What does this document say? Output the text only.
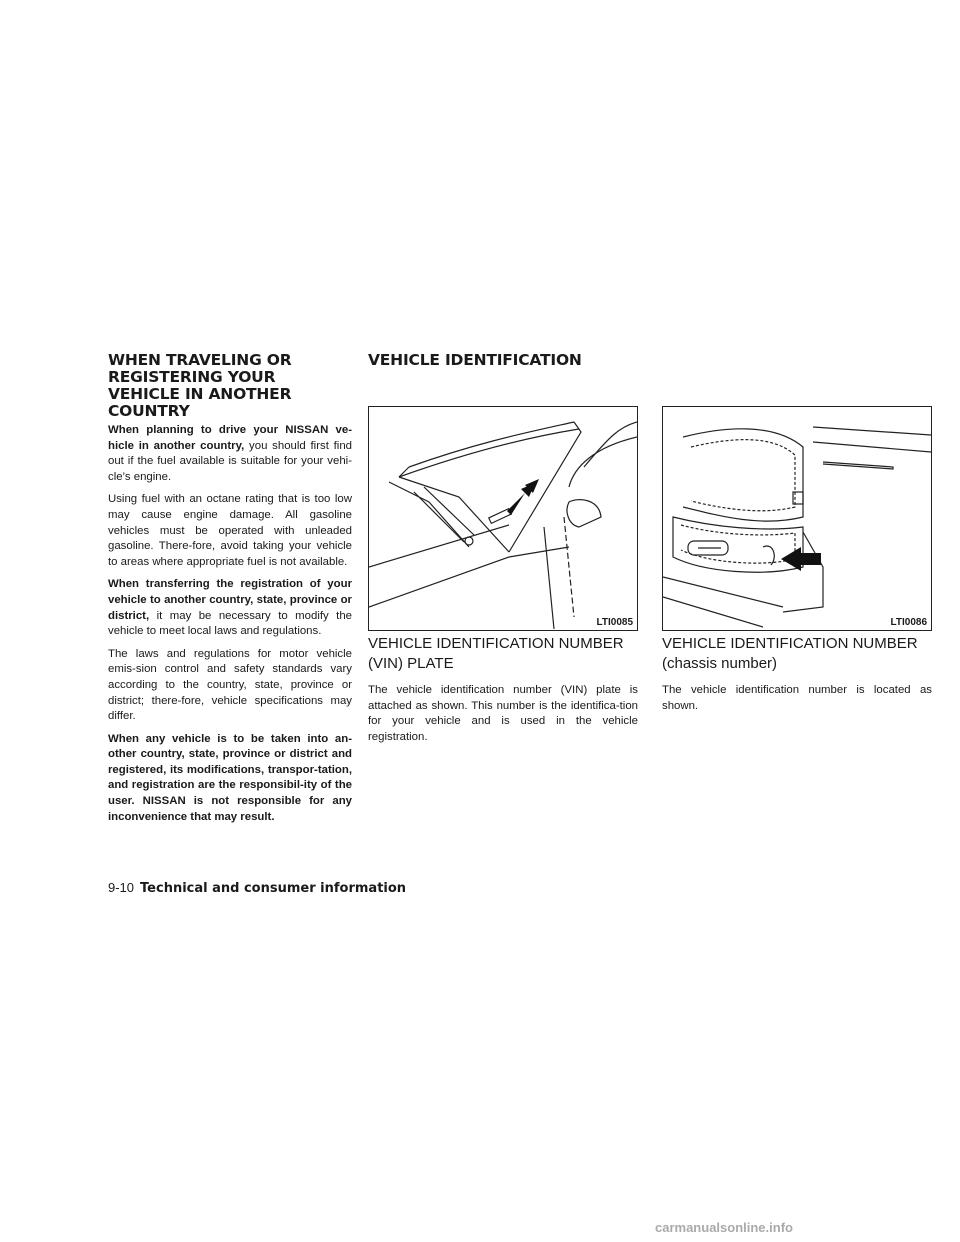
WHEN TRAVELING OR REGISTERING YOUR VEHICLE IN ANOTHER COUNTRY

When planning to drive your NISSAN ve-hicle in another country, you should first find out if the fuel available is suitable for your vehi-cle’s engine.

Using fuel with an octane rating that is too low may cause engine damage. All gasoline vehicles must be operated with unleaded gasoline. There-fore, avoid taking your vehicle to areas where appropriate fuel is not available.

When transferring the registration of your vehicle to another country, state, province or district, it may be necessary to modify the vehicle to meet local laws and regulations.

The laws and regulations for motor vehicle emis-sion control and safety standards vary according to the country, state, province or district; there-fore, vehicle specifications may differ.

When any vehicle is to be taken into an-other country, state, province or district and registered, its modifications, transpor-tation, and registration are the responsibil-ity of the user. NISSAN is not responsible for any inconvenience that may result.

VEHICLE IDENTIFICATION
LTI0085	LTI0086
VEHICLE IDENTIFICATION NUMBER (VIN) PLATE

The vehicle identification number (VIN) plate is attached as shown. This number is the identifica-tion for your vehicle and is used in the vehicle registration.

VEHICLE IDENTIFICATION NUMBER (chassis number)

The vehicle identification number is located as shown.

9-10 Technical and consumer information
carmanualsonline.info
